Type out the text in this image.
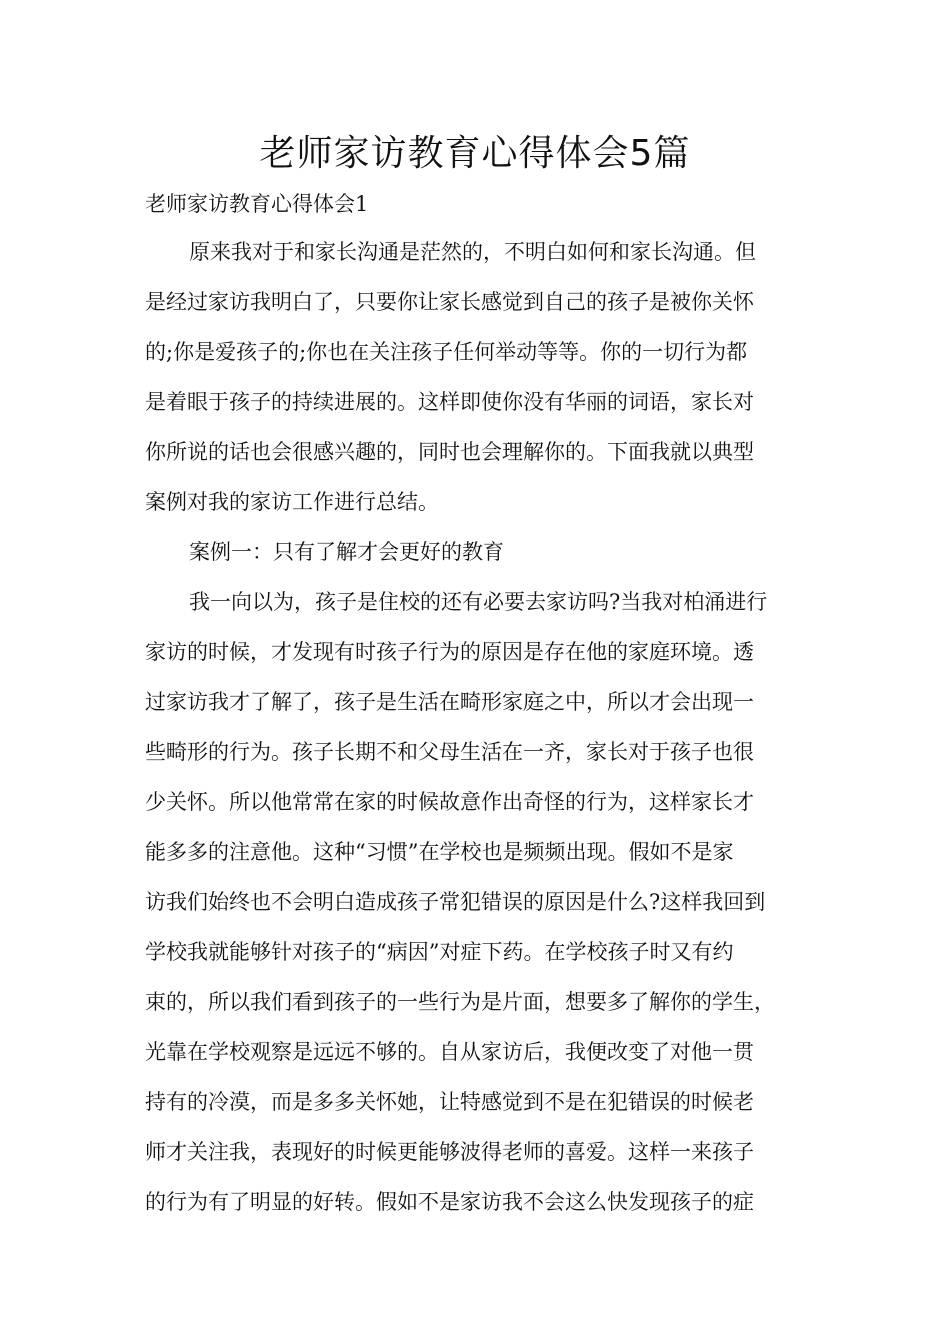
老师家访教育心得体会5篇

老师家访教育心得体会1

原来我对于和家长沟通是茫然的，不明白如何和家长沟通。但

是经过家访我明白了，只要你让家长感觉到自己的孩子是被你关怀

的;你是爱孩子的;你也在关注孩子任何举动等等。你的一切行为都

是着眼于孩子的持续进展的。这样即使你没有华丽的词语，家长对

你所说的话也会很感兴趣的，同时也会理解你的。下面我就以典型

案例对我的家访工作进行总结。

案例一：只有了解才会更好的教育

我一向以为，孩子是住校的还有必要去家访吗?当我对柏涌进行

家访的时候，才发现有时孩子行为的原因是存在他的家庭环境。透

过家访我才了解了，孩子是生活在畸形家庭之中，所以才会出现一

些畸形的行为。孩子长期不和父母生活在一齐，家长对于孩子也很

少关怀。所以他常常在家的时候故意作出奇怪的行为，这样家长才

能多多的注意他。这种“习惯”在学校也是频频出现。假如不是家

访我们始终也不会明白造成孩子常犯错误的原因是什么?这样我回到

学校我就能够针对孩子的“病因”对症下药。在学校孩子时又有约

束的，所以我们看到孩子的一些行为是片面，想要多了解你的学生，

光靠在学校观察是远远不够的。自从家访后，我便改变了对他一贯

持有的冷漠，而是多多关怀她，让特感觉到不是在犯错误的时候老

师才关注我，表现好的时候更能够波得老师的喜爱。这样一来孩子

的行为有了明显的好转。假如不是家访我不会这么快发现孩子的症
